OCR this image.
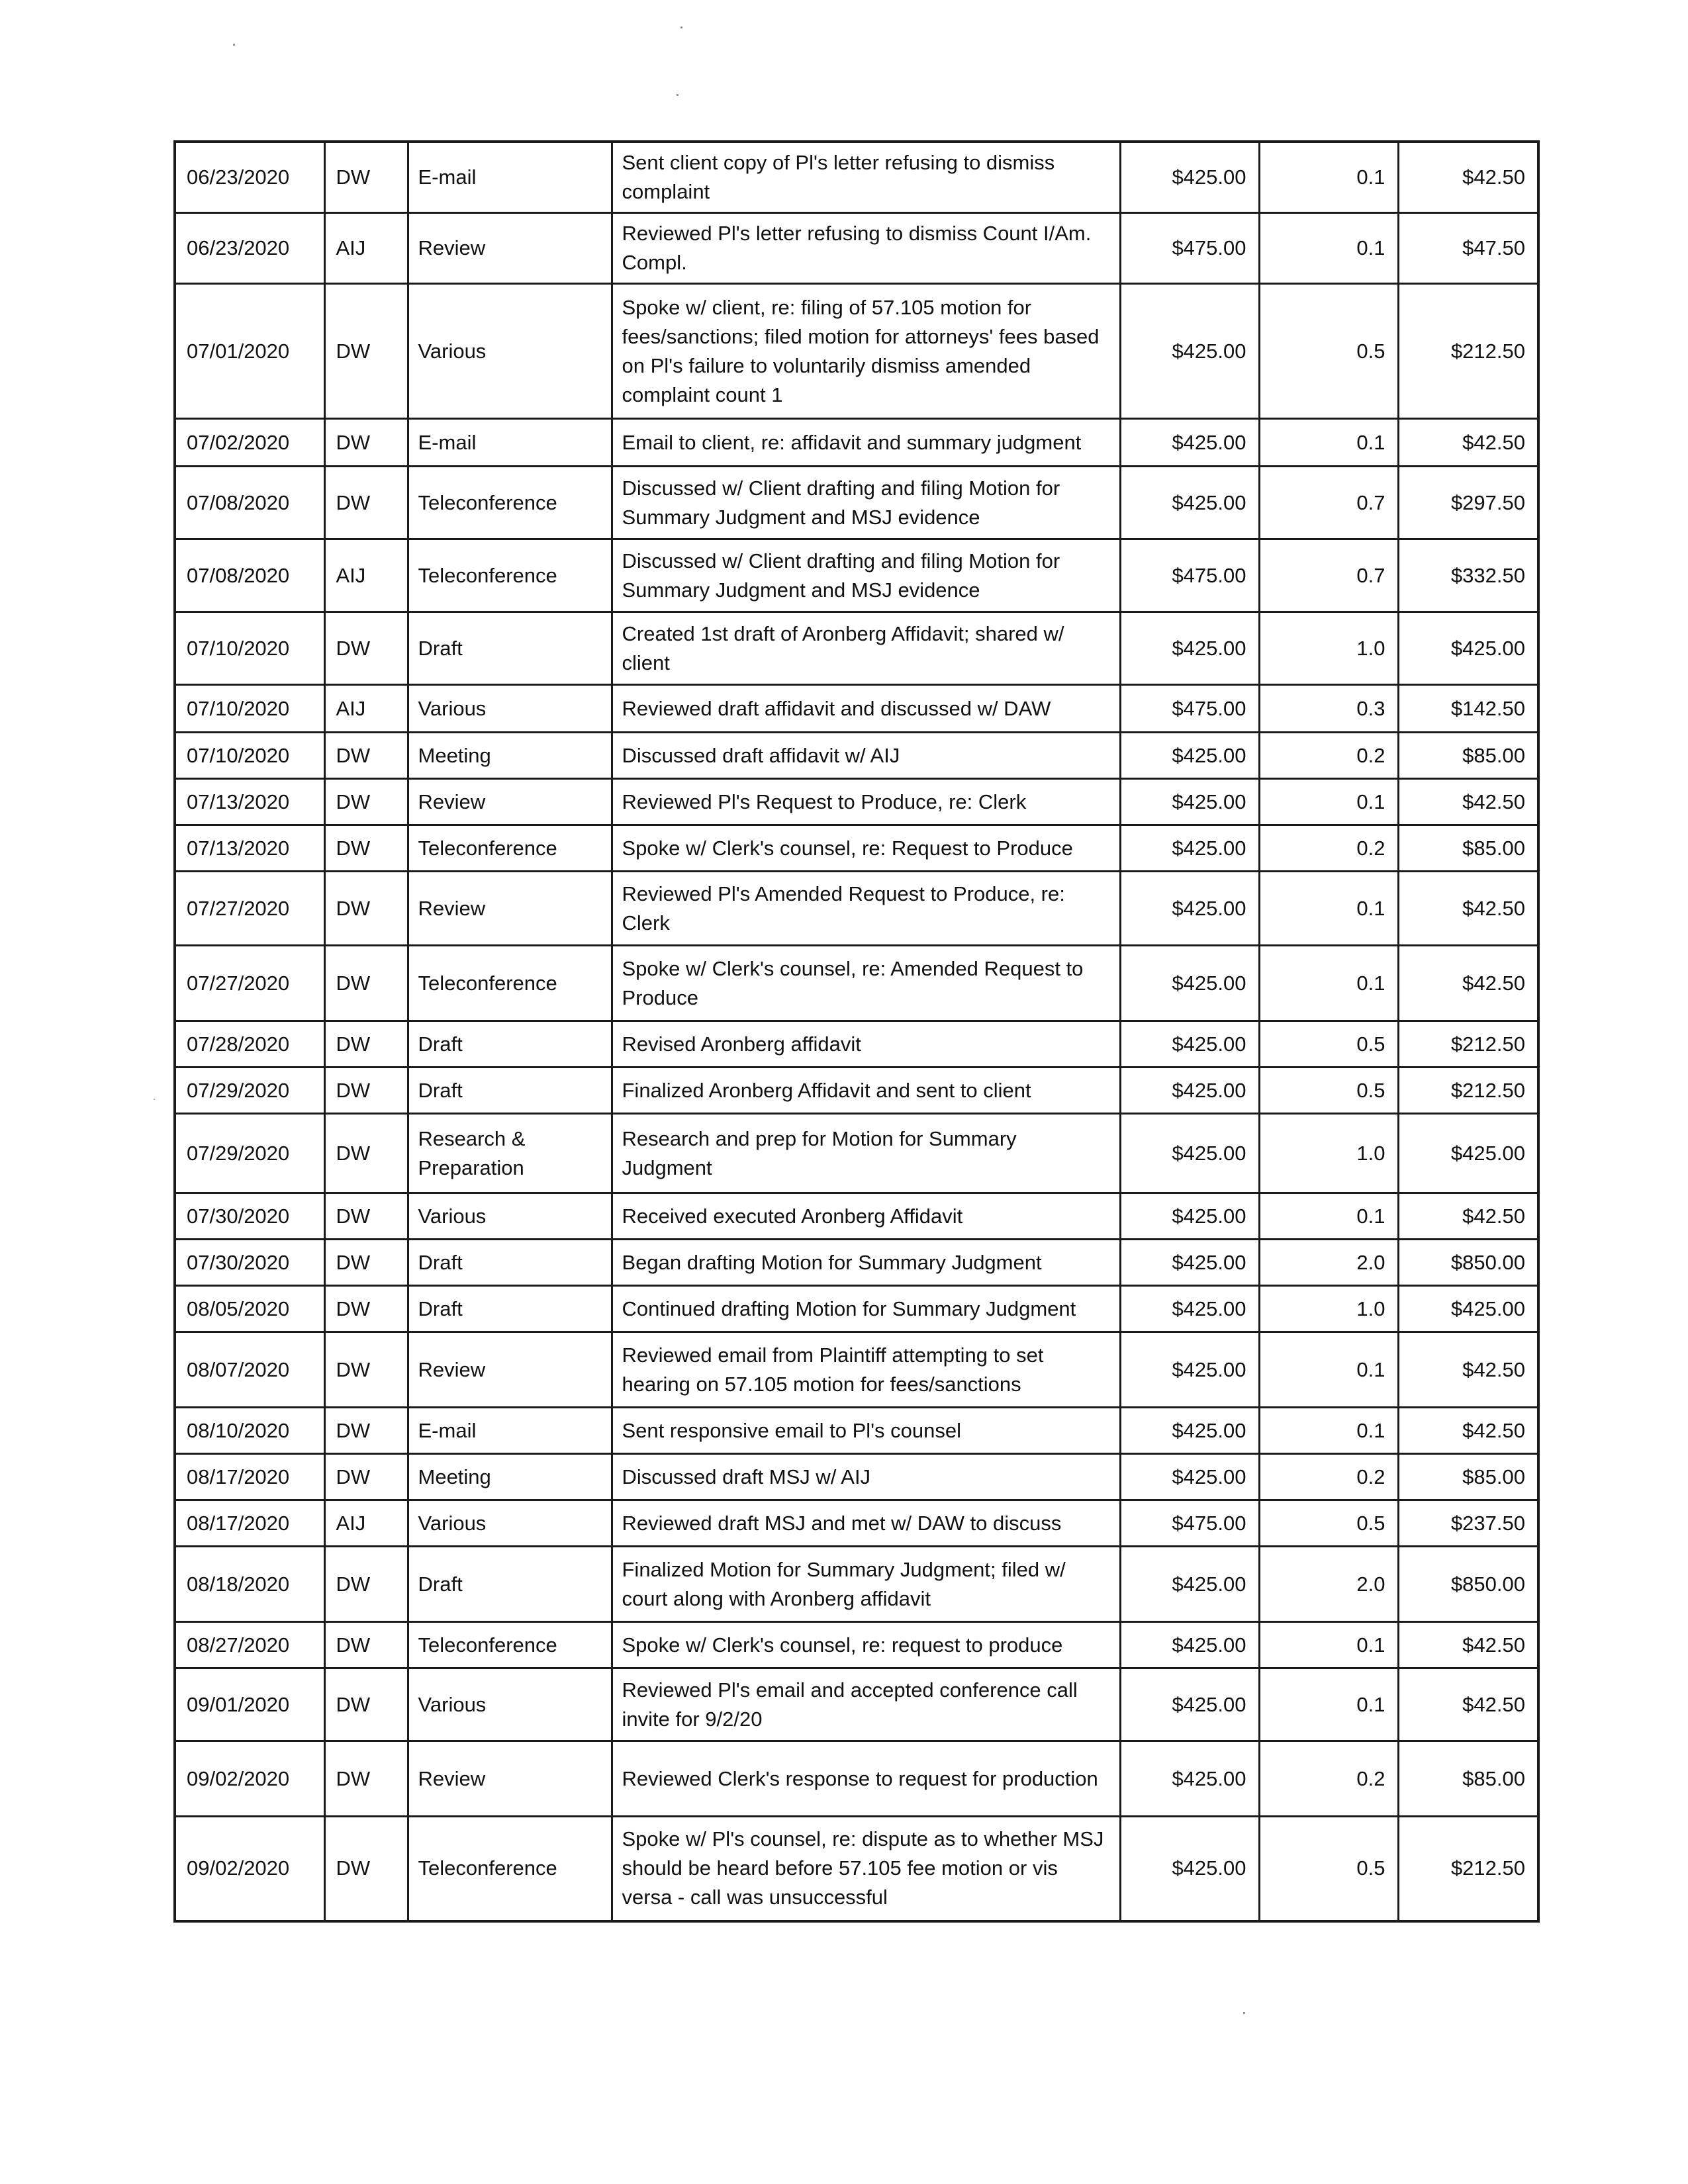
06/23/2020	DW	E-mail	Sent client copy of Pl's letter refusing to dismiss complaint	$425.00	0.1	$42.50
06/23/2020	AIJ	Review	Reviewed Pl's letter refusing to dismiss Count I/Am. Compl.	$475.00	0.1	$47.50
07/01/2020	DW	Various	Spoke w/ client, re: filing of 57.105 motion for fees/sanctions; filed motion for attorneys' fees based on Pl's failure to voluntarily dismiss amended complaint count 1	$425.00	0.5	$212.50
07/02/2020	DW	E-mail	Email to client, re: affidavit and summary judgment	$425.00	0.1	$42.50
07/08/2020	DW	Teleconference	Discussed w/ Client drafting and filing Motion for Summary Judgment and MSJ evidence	$425.00	0.7	$297.50
07/08/2020	AIJ	Teleconference	Discussed w/ Client drafting and filing Motion for Summary Judgment and MSJ evidence	$475.00	0.7	$332.50
07/10/2020	DW	Draft	Created 1st draft of Aronberg Affidavit; shared w/ client	$425.00	1.0	$425.00
07/10/2020	AIJ	Various	Reviewed draft affidavit and discussed w/ DAW	$475.00	0.3	$142.50
07/10/2020	DW	Meeting	Discussed draft affidavit w/ AIJ	$425.00	0.2	$85.00
07/13/2020	DW	Review	Reviewed Pl's Request to Produce, re: Clerk	$425.00	0.1	$42.50
07/13/2020	DW	Teleconference	Spoke w/ Clerk's counsel, re: Request to Produce	$425.00	0.2	$85.00
07/27/2020	DW	Review	Reviewed Pl's Amended Request to Produce, re: Clerk	$425.00	0.1	$42.50
07/27/2020	DW	Teleconference	Spoke w/ Clerk's counsel, re: Amended Request to Produce	$425.00	0.1	$42.50
07/28/2020	DW	Draft	Revised Aronberg affidavit	$425.00	0.5	$212.50
07/29/2020	DW	Draft	Finalized Aronberg Affidavit and sent to client	$425.00	0.5	$212.50
07/29/2020	DW	Research & Preparation	Research and prep for Motion for Summary Judgment	$425.00	1.0	$425.00
07/30/2020	DW	Various	Received executed Aronberg Affidavit	$425.00	0.1	$42.50
07/30/2020	DW	Draft	Began drafting Motion for Summary Judgment	$425.00	2.0	$850.00
08/05/2020	DW	Draft	Continued drafting Motion for Summary Judgment	$425.00	1.0	$425.00
08/07/2020	DW	Review	Reviewed email from Plaintiff attempting to set hearing on 57.105 motion for fees/sanctions	$425.00	0.1	$42.50
08/10/2020	DW	E-mail	Sent responsive email to Pl's counsel	$425.00	0.1	$42.50
08/17/2020	DW	Meeting	Discussed draft MSJ w/ AIJ	$425.00	0.2	$85.00
08/17/2020	AIJ	Various	Reviewed draft MSJ and met w/ DAW to discuss	$475.00	0.5	$237.50
08/18/2020	DW	Draft	Finalized Motion for Summary Judgment; filed w/ court along with Aronberg affidavit	$425.00	2.0	$850.00
08/27/2020	DW	Teleconference	Spoke w/ Clerk's counsel, re: request to produce	$425.00	0.1	$42.50
09/01/2020	DW	Various	Reviewed Pl's email and accepted conference call invite for 9/2/20	$425.00	0.1	$42.50
09/02/2020	DW	Review	Reviewed Clerk's response to request for production	$425.00	0.2	$85.00
09/02/2020	DW	Teleconference	Spoke w/ Pl's counsel, re: dispute as to whether MSJ should be heard before 57.105 fee motion or vis versa - call was unsuccessful	$425.00	0.5	$212.50
